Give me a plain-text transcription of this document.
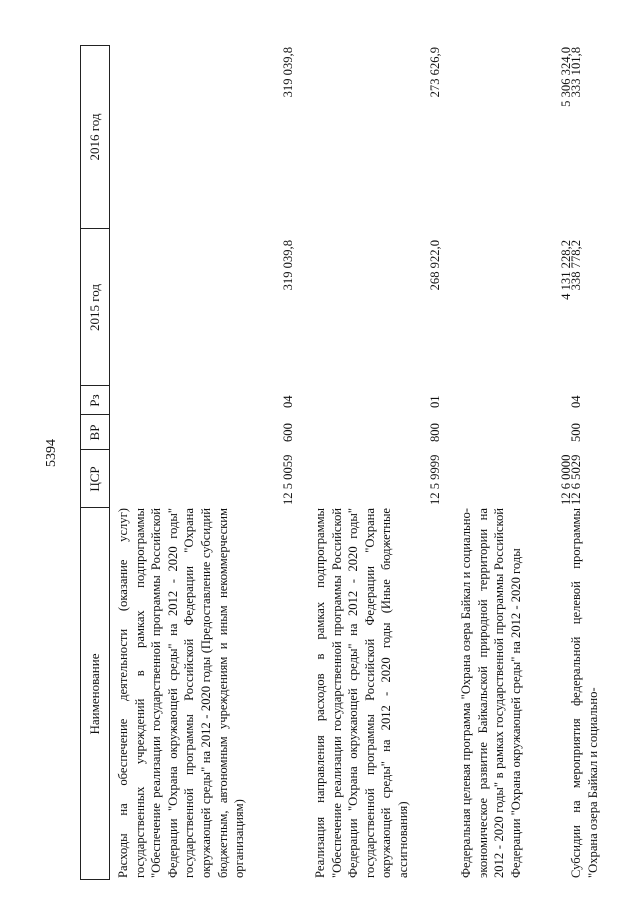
5394
Наименование
ЦСР
ВР
Рз
2015 год
2016 год
Расходы на обеспечение деятельности (оказание услуг) государственных учреждений в рамках подпрограммы "Обеспечение реализации государственной программы Российской Федерации "Охрана окружающей среды" на 2012 - 2020 годы" государственной программы Российской Федерации "Охрана окружающей среды" на 2012 - 2020 годы (Предоставление субсидий бюджетным, автономным учреждениям и иным некоммерческим организациям)
12 5 0059
600
04
319 039,8
319 039,8
Реализация направления расходов в рамках подпрограммы "Обеспечение реализации государственной программы Российской Федерации "Охрана окружающей среды" на 2012 - 2020 годы" государственной программы Российской Федерации "Охрана окружающей среды" на 2012 - 2020 годы (Иные бюджетные ассигнования)
12 5 9999
800
01
268 922,0
273 626,9
Федеральная целевая программа "Охрана озера Байкал и социально-экономическое развитие Байкальской природной территории на 2012 - 2020 годы" в рамках государственной программы Российской Федерации "Охрана окружающей среды" на 2012 - 2020 годы
12 6 0000
4 131 228,2
5 306 324,0
Субсидии на мероприятия федеральной целевой программы "Охрана озера Байкал и социально-
12 6 5029
500
04
338 778,2
333 101,8
